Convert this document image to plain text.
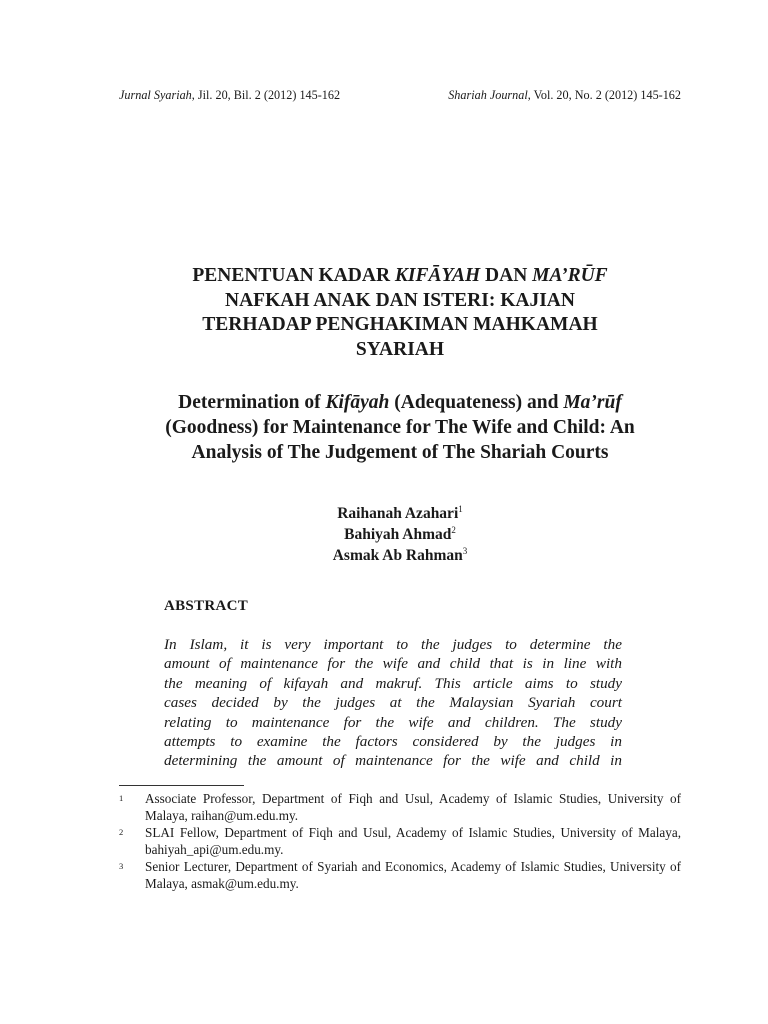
Jurnal Syariah, Jil. 20, Bil. 2 (2012) 145-162	Shariah Journal, Vol. 20, No. 2 (2012) 145-162
PENENTUAN KADAR KIFĀYAH DAN MA’RŪF
NAFKAH ANAK DAN ISTERI: KAJIAN
TERHADAP PENGHAKIMAN MAHKAMAH
SYARIAH
Determination of Kifāyah (Adequateness) and Ma’rūf
(Goodness) for Maintenance for The Wife and Child: An
Analysis of The Judgement of The Shariah Courts
Raihanah Azahari$^1$
Bahiyah Ahmad$^2$
Asmak Ab Rahman$^3$
ABSTRACT
In Islam, it is very important to the judges to determine the
amount of maintenance for the wife and child that is in line with
the meaning of kifayah and makruf. This article aims to study
cases decided by the judges at the Malaysian Syariah court
relating to maintenance for the wife and children. The study
attempts to examine the factors considered by the judges in
determining the amount of maintenance for the wife and child in
1	Associate Professor, Department of Fiqh and Usul, Academy of Islamic Studies, University of Malaya, raihan@um.edu.my.
2	SLAI Fellow, Department of Fiqh and Usul, Academy of Islamic Studies, University of Malaya, bahiyah_api@um.edu.my.
3	Senior Lecturer, Department of Syariah and Economics, Academy of Islamic Studies, University of Malaya, asmak@um.edu.my.
